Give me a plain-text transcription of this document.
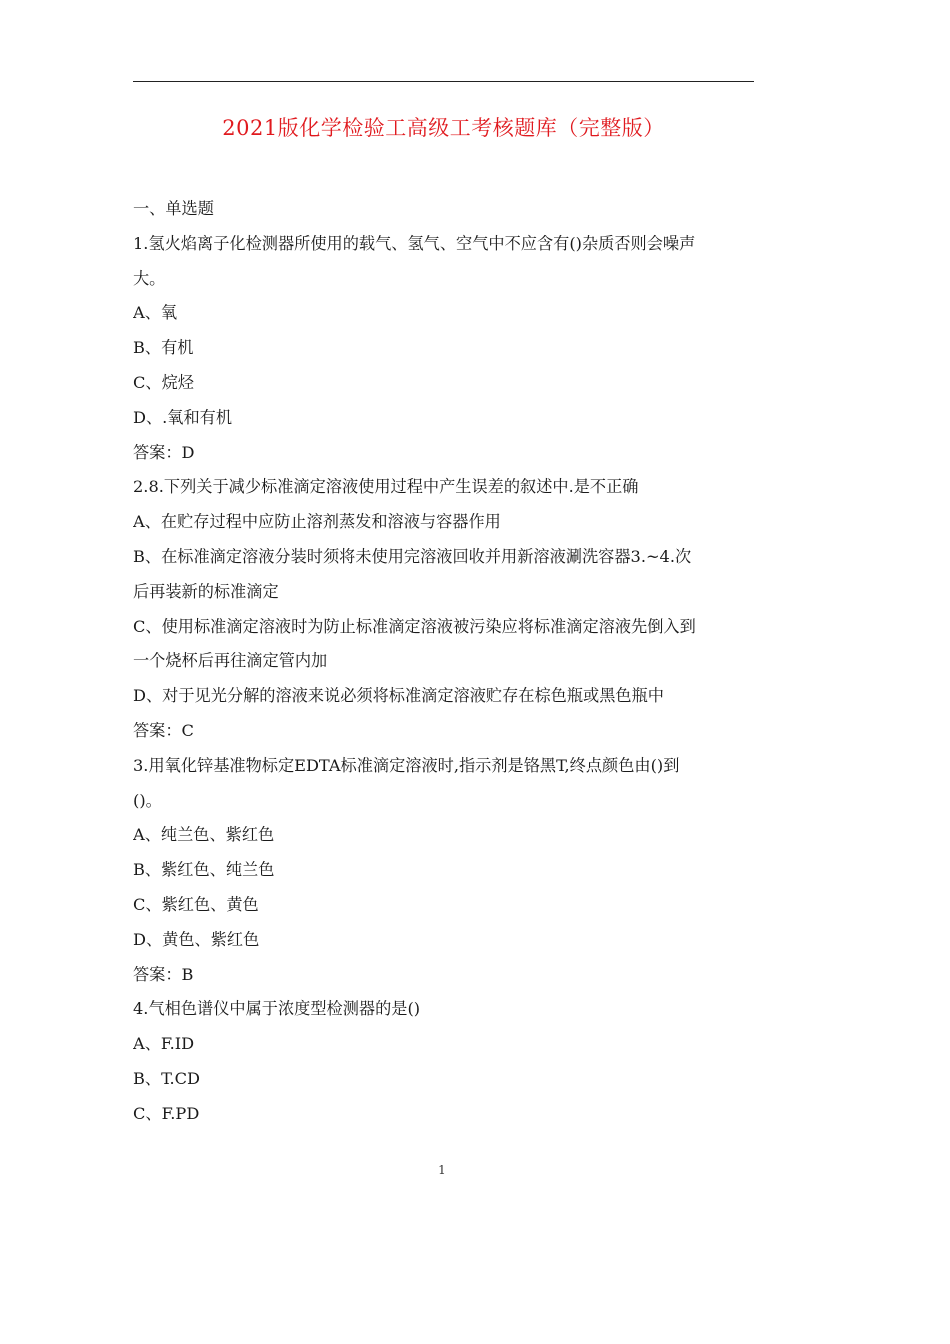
2021版化学检验工高级工考核题库（完整版）
一、单选题
1.氢火焰离子化检测器所使用的载气、氢气、空气中不应含有()杂质否则会噪声
大。
A、氧
B、有机
C、烷烃
D、.氧和有机
答案：D
2.8.下列关于减少标准滴定溶液使用过程中产生误差的叙述中.是不正确
A、在贮存过程中应防止溶剂蒸发和溶液与容器作用
B、在标准滴定溶液分装时须将未使用完溶液回收并用新溶液涮洗容器3.~4.次
后再装新的标准滴定
C、使用标准滴定溶液时为防止标准滴定溶液被污染应将标准滴定溶液先倒入到
一个烧杯后再往滴定管内加
D、对于见光分解的溶液来说必须将标准滴定溶液贮存在棕色瓶或黑色瓶中
答案：C
3.用氧化锌基准物标定EDTA标准滴定溶液时,指示剂是铬黑T,终点颜色由()到
()。
A、纯兰色、紫红色
B、紫红色、纯兰色
C、紫红色、黄色
D、黄色、紫红色
答案：B
4.气相色谱仪中属于浓度型检测器的是()
A、F.ID
B、T.CD
C、F.PD
1
